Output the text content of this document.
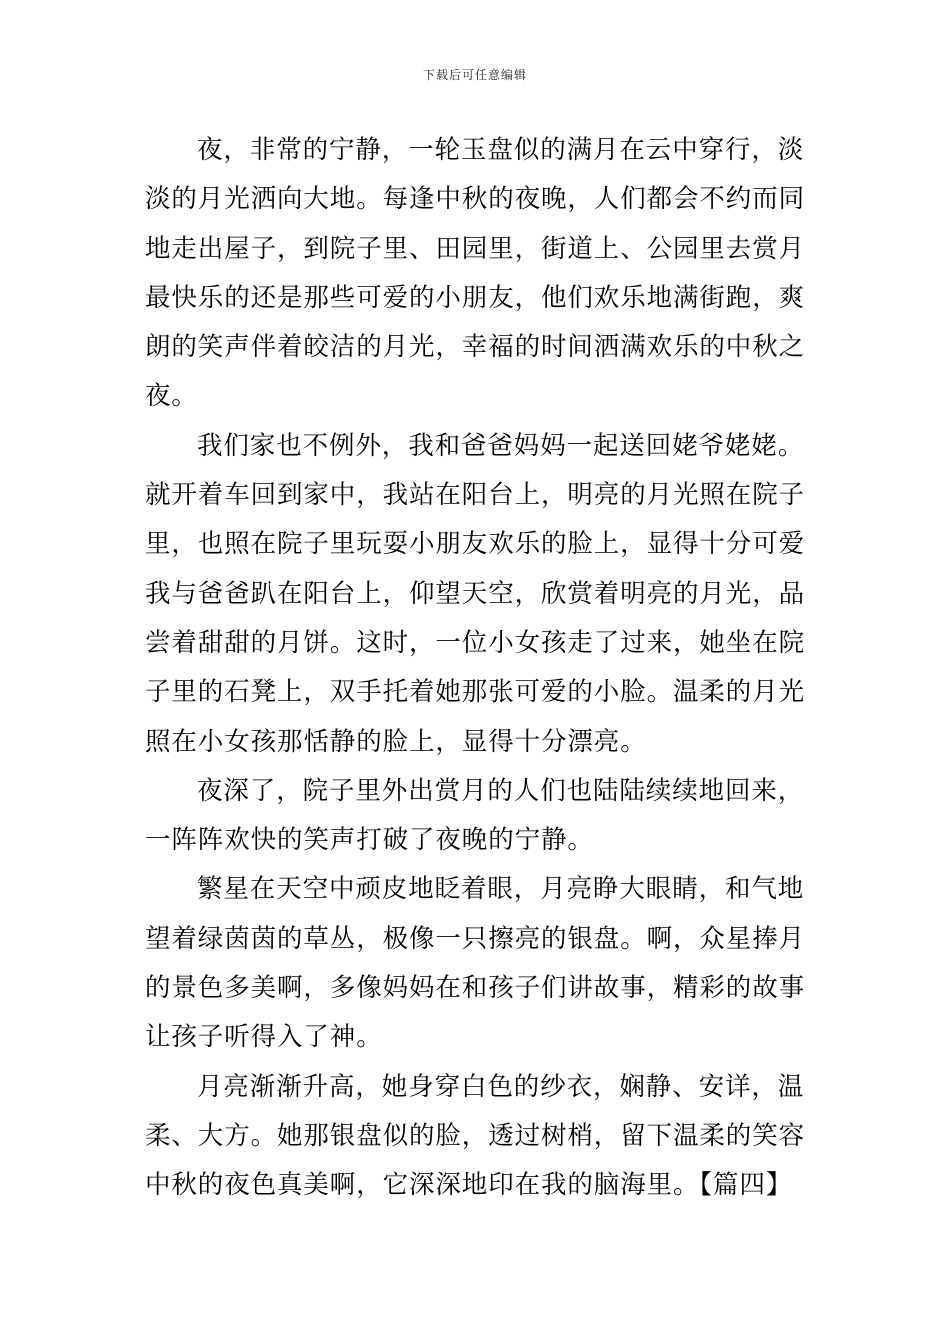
下载后可任意编辑
夜，非常的宁静，一轮玉盘似的满月在云中穿行，淡
淡的月光洒向大地。每逢中秋的夜晚，人们都会不约而同
地走出屋子，到院子里、田园里，街道上、公园里去赏月
最快乐的还是那些可爱的小朋友，他们欢乐地满街跑，爽
朗的笑声伴着皎洁的月光，幸福的时间洒满欢乐的中秋之
夜。
我们家也不例外，我和爸爸妈妈一起送回姥爷姥姥。
就开着车回到家中，我站在阳台上，明亮的月光照在院子
里，也照在院子里玩耍小朋友欢乐的脸上，显得十分可爱
我与爸爸趴在阳台上，仰望天空，欣赏着明亮的月光，品
尝着甜甜的月饼。这时，一位小女孩走了过来，她坐在院
子里的石凳上，双手托着她那张可爱的小脸。温柔的月光
照在小女孩那恬静的脸上，显得十分漂亮。
夜深了，院子里外出赏月的人们也陆陆续续地回来，
一阵阵欢快的笑声打破了夜晚的宁静。
繁星在天空中顽皮地眨着眼，月亮睁大眼睛，和气地
望着绿茵茵的草丛，极像一只擦亮的银盘。啊，众星捧月
的景色多美啊，多像妈妈在和孩子们讲故事，精彩的故事
让孩子听得入了神。
月亮渐渐升高，她身穿白色的纱衣，娴静、安详，温
柔、大方。她那银盘似的脸，透过树梢，留下温柔的笑容
中秋的夜色真美啊，它深深地印在我的脑海里。【篇四】
